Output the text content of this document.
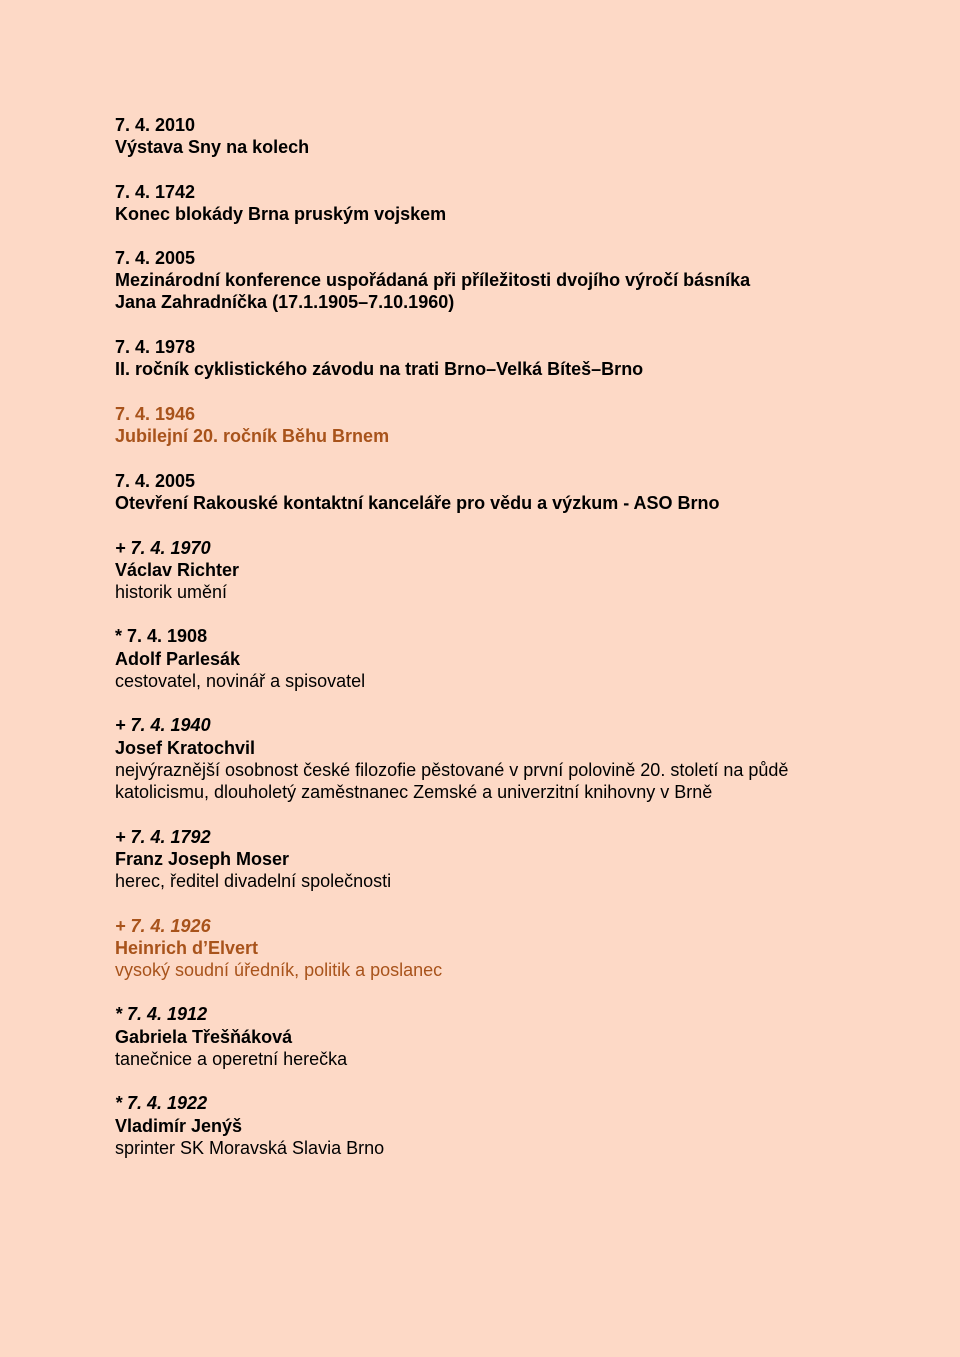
7. 4. 2010
Výstava Sny na kolech
7. 4. 1742
Konec blokády Brna pruským vojskem
7. 4. 2005
Mezinárodní konference uspořádaná při příležitosti dvojího výročí básníka
Jana Zahradníčka (17.1.1905–7.10.1960)
7. 4. 1978
II. ročník cyklistického závodu na trati Brno–Velká Bíteš–Brno
7. 4. 1946
Jubilejní 20. ročník Běhu Brnem
7. 4. 2005
Otevření Rakouské kontaktní kanceláře pro vědu a výzkum - ASO Brno
+ 7. 4. 1970
Václav Richter
historik umění
* 7. 4. 1908
Adolf Parlesák
cestovatel, novinář a spisovatel
+ 7. 4. 1940
Josef Kratochvil
nejvýraznější osobnost české filozofie pěstované v první polovině 20. století na půdě
katolicismu, dlouholetý zaměstnanec Zemské a univerzitní knihovny v Brně
+ 7. 4. 1792
Franz Joseph Moser
herec, ředitel divadelní společnosti
+ 7. 4. 1926
Heinrich d’Elvert
vysoký soudní úředník, politik a poslanec
* 7. 4. 1912
Gabriela Třešňáková
tanečnice a operetní herečka
* 7. 4. 1922
Vladimír Jenýš
sprinter SK Moravská Slavia Brno
